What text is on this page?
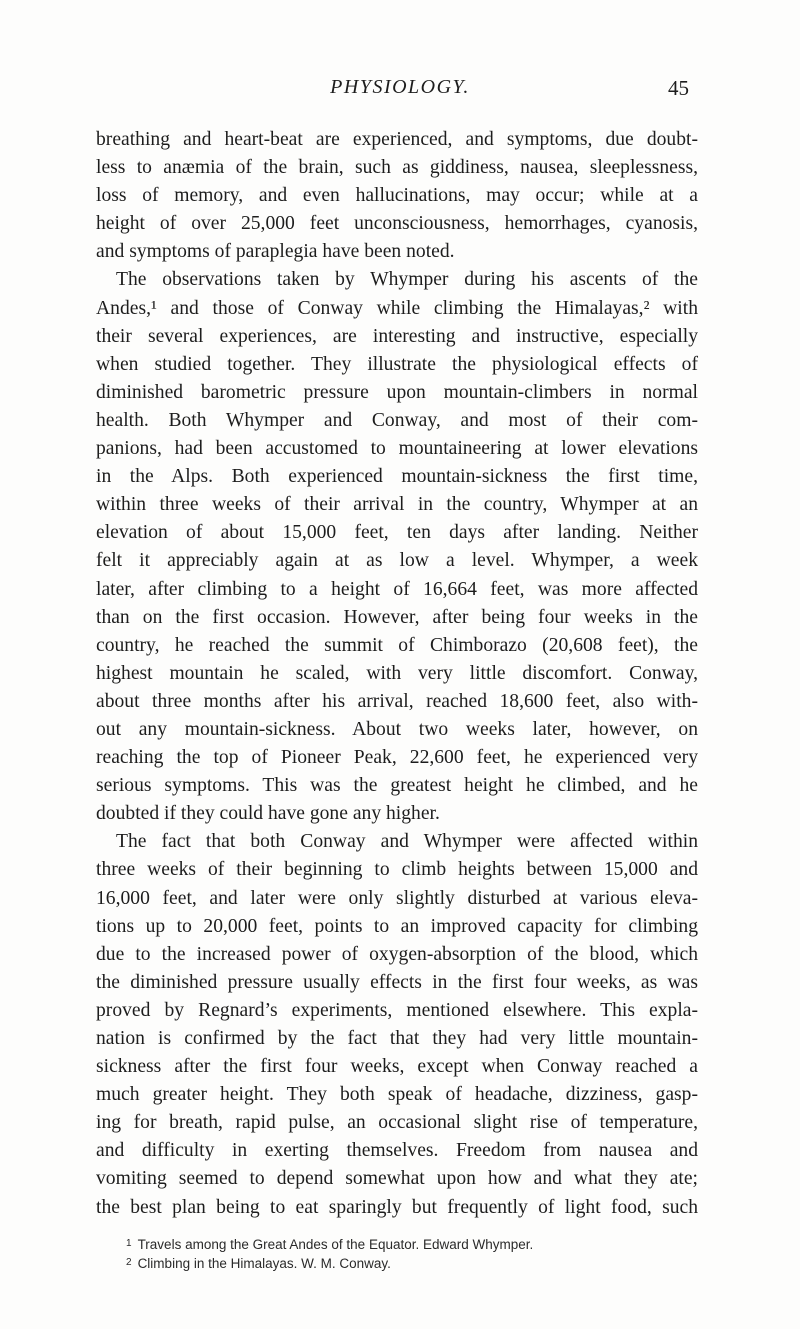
PHYSIOLOGY.	45
breathing and heart-beat are experienced, and symptoms, due doubt-
less to anæmia of the brain, such as giddiness, nausea, sleeplessness,
loss of memory, and even hallucinations, may occur; while at a
height of over 25,000 feet unconsciousness, hemorrhages, cyanosis,
and symptoms of paraplegia have been noted.
The observations taken by Whymper during his ascents of the
Andes,¹ and those of Conway while climbing the Himalayas,² with
their several experiences, are interesting and instructive, especially
when studied together. They illustrate the physiological effects of
diminished barometric pressure upon mountain-climbers in normal
health. Both Whymper and Conway, and most of their com-
panions, had been accustomed to mountaineering at lower elevations
in the Alps. Both experienced mountain-sickness the first time,
within three weeks of their arrival in the country, Whymper at an
elevation of about 15,000 feet, ten days after landing. Neither
felt it appreciably again at as low a level. Whymper, a week
later, after climbing to a height of 16,664 feet, was more affected
than on the first occasion. However, after being four weeks in the
country, he reached the summit of Chimborazo (20,608 feet), the
highest mountain he scaled, with very little discomfort. Conway,
about three months after his arrival, reached 18,600 feet, also with-
out any mountain-sickness. About two weeks later, however, on
reaching the top of Pioneer Peak, 22,600 feet, he experienced very
serious symptoms. This was the greatest height he climbed, and he
doubted if they could have gone any higher.
The fact that both Conway and Whymper were affected within
three weeks of their beginning to climb heights between 15,000 and
16,000 feet, and later were only slightly disturbed at various eleva-
tions up to 20,000 feet, points to an improved capacity for climbing
due to the increased power of oxygen-absorption of the blood, which
the diminished pressure usually effects in the first four weeks, as was
proved by Regnard’s experiments, mentioned elsewhere. This expla-
nation is confirmed by the fact that they had very little mountain-
sickness after the first four weeks, except when Conway reached a
much greater height. They both speak of headache, dizziness, gasp-
ing for breath, rapid pulse, an occasional slight rise of temperature,
and difficulty in exerting themselves. Freedom from nausea and
vomiting seemed to depend somewhat upon how and what they ate;
the best plan being to eat sparingly but frequently of light food, such
$^1$ Travels among the Great Andes of the Equator. Edward Whymper.
$^2$ Climbing in the Himalayas. W. M. Conway.
